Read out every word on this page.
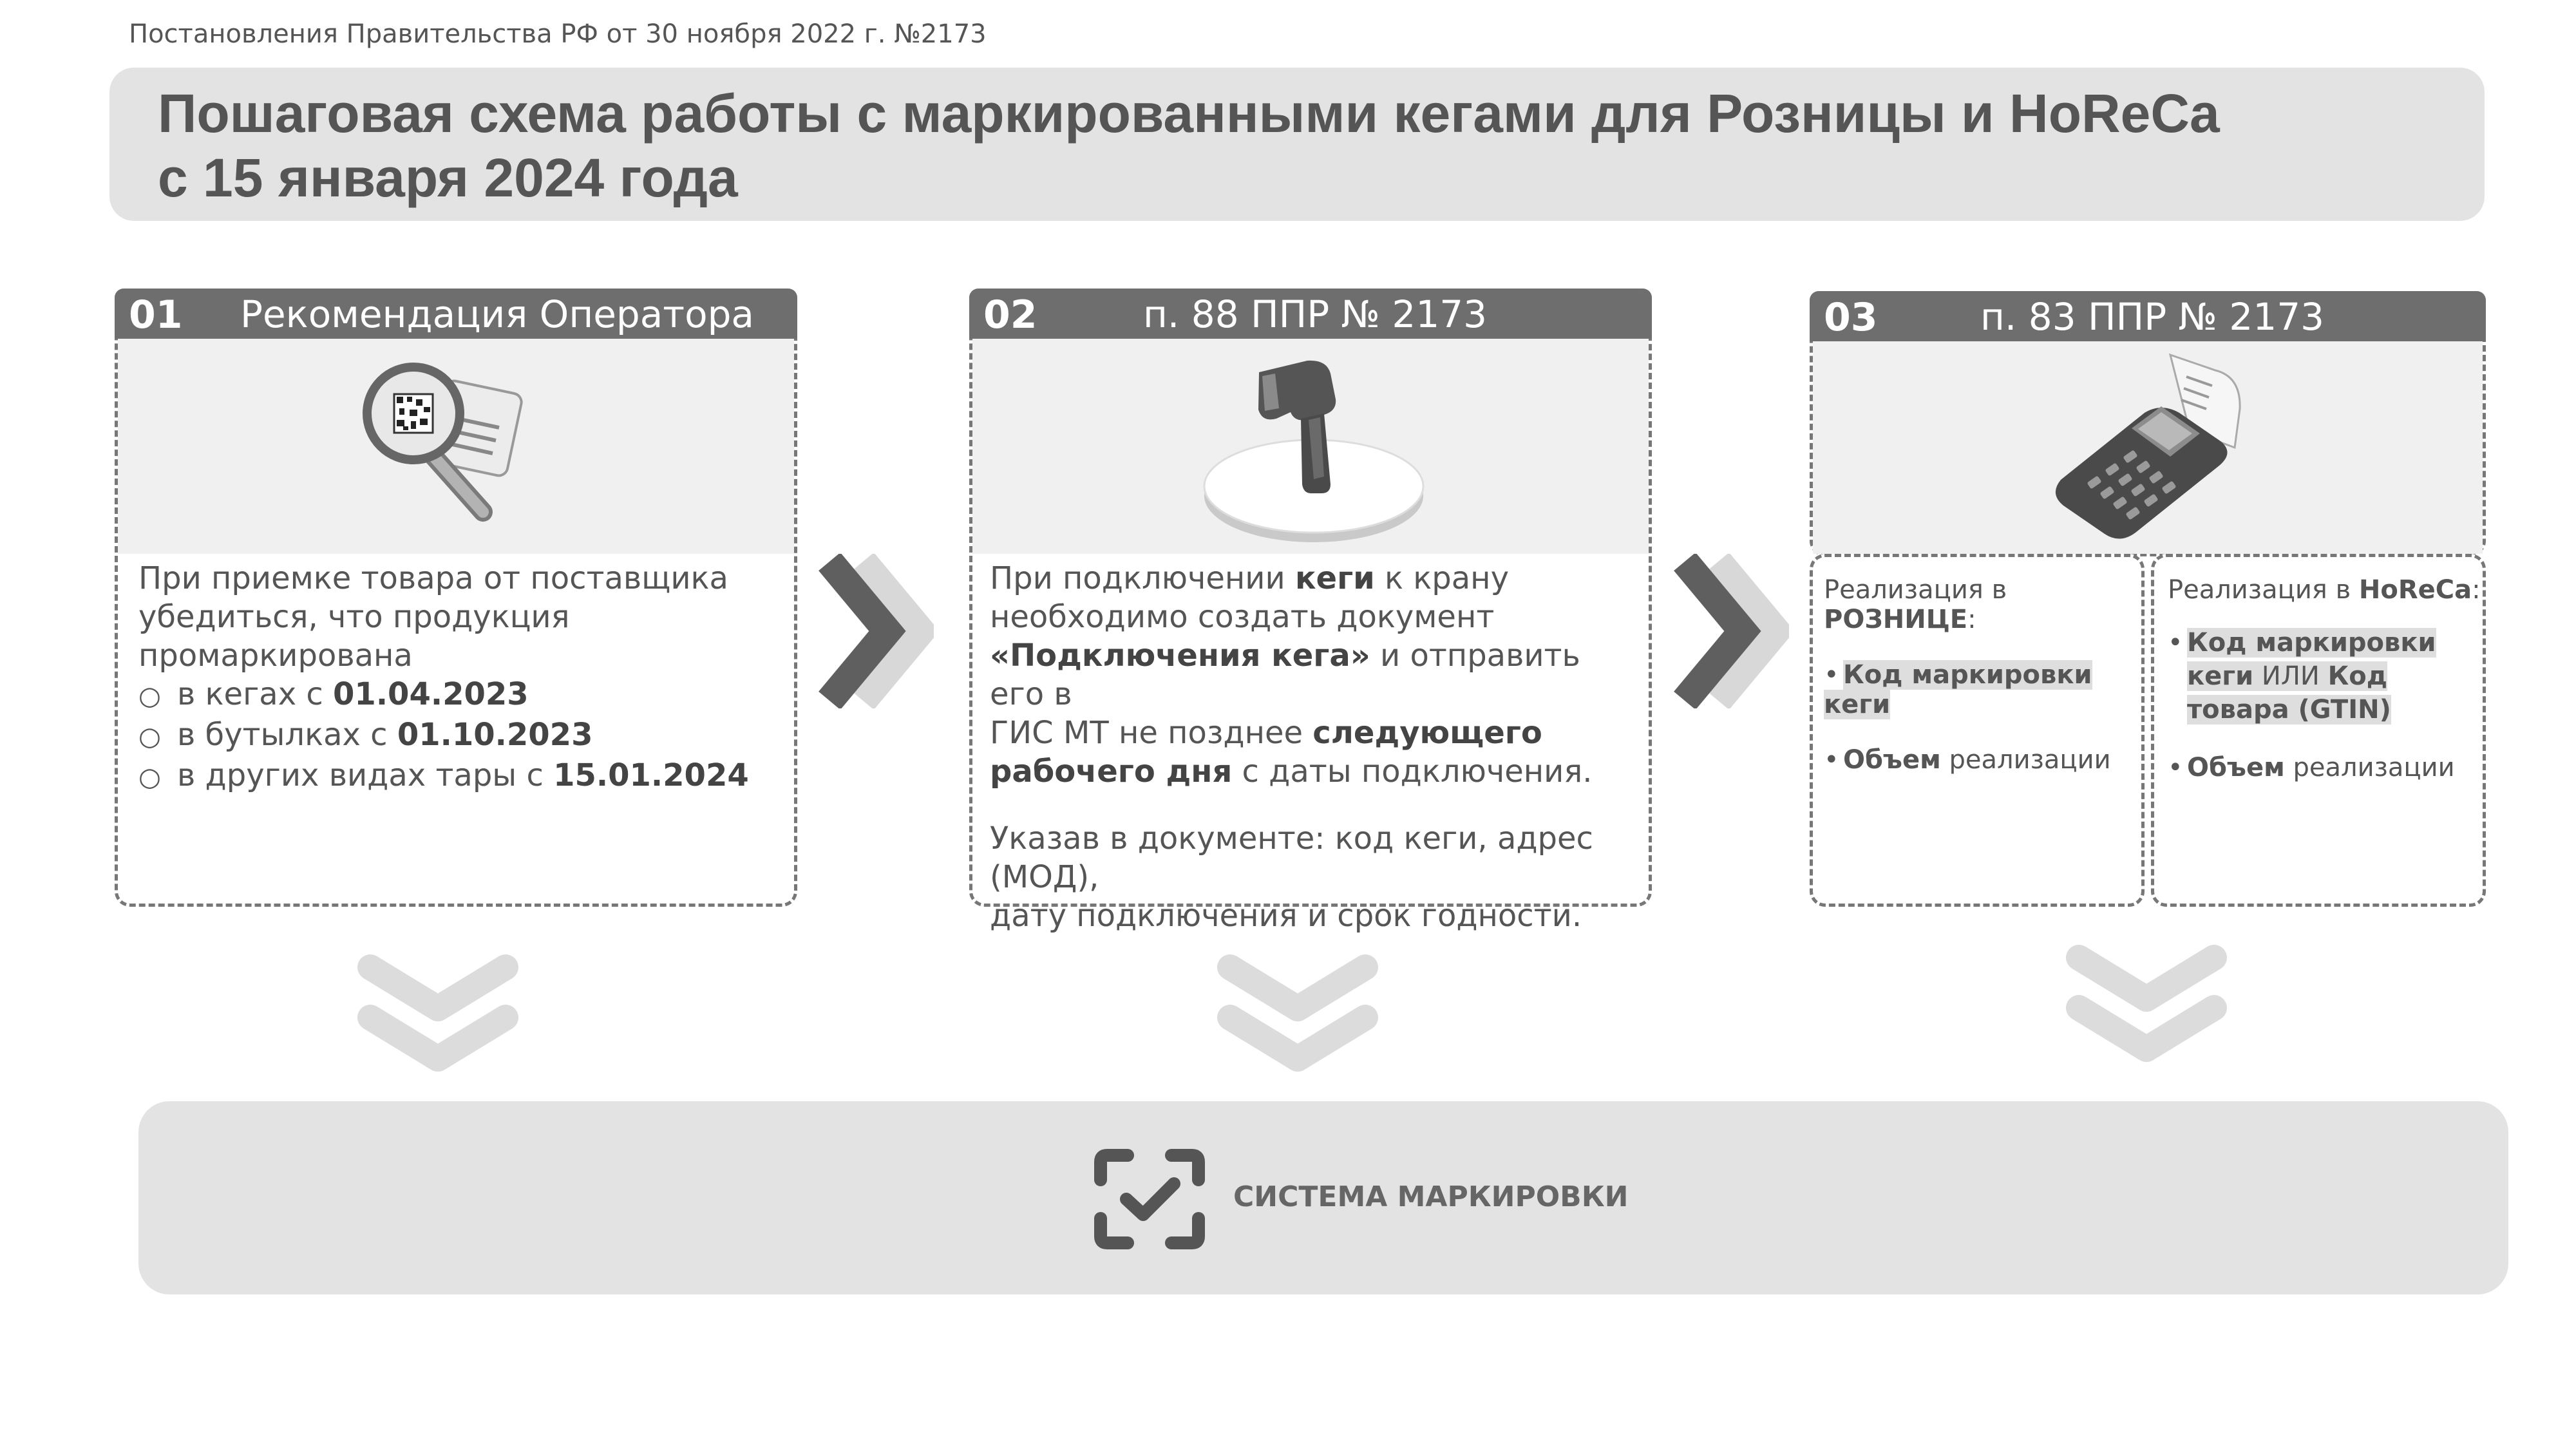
Постановления Правительства РФ от 30 ноября 2022 г. №2173
Пошаговая схема работы с маркированными кегами для Розницы и HoReCa
с 15 января 2024 года
01 Рекомендация Оператора
При приемке товара от поставщика
убедиться, что продукция
промаркирована
○ в кегах с 01.04.2023
○ в бутылках с 01.10.2023
○ в других видах тары с 15.01.2024
02	п. 88 ППР № 2173
При подключении кеги к крану
необходимо создать документ
«Подключения кега» и отправить его в
ГИС МТ не позднее следующего
рабочего дня с даты подключения.
Указав в документе: код кеги, адрес (МОД),
дату подключения и срок годности.
03	п. 83 ППР № 2173
Реализация в РОЗНИЦЕ:
• Код маркировки кеги
• Объем реализации
Реализация в HoReCa:
• Код маркировки
кеги ИЛИ Код
товара (GTIN)
• Объем реализации
СИСТЕМА МАРКИРОВКИ
